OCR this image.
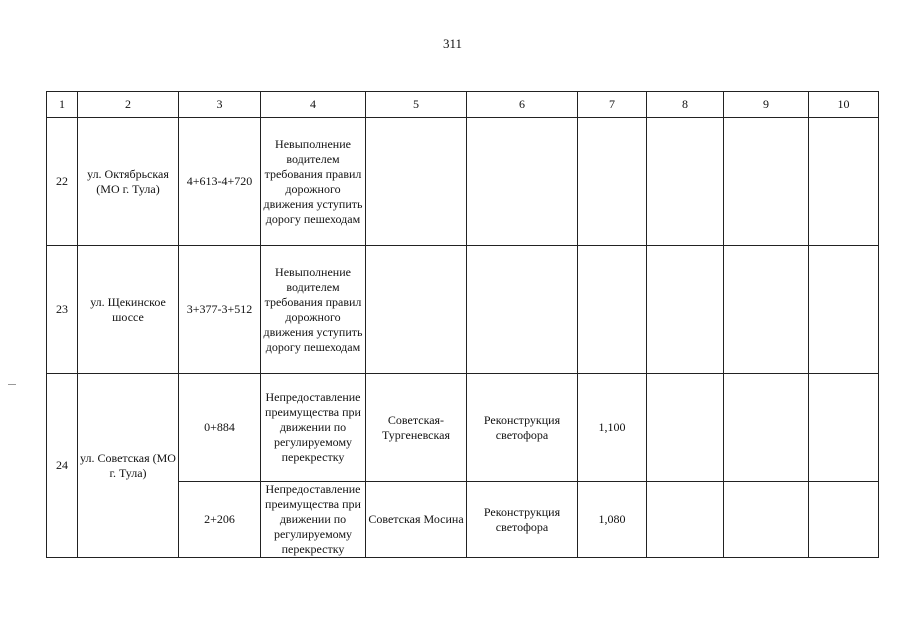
311
1	2	3	4	5	6	7	8	9	10
22	ул. Октябрьская (МО г. Тула)	4+613-4+720	Невыполнение водителем требования правил дорожного движения уступить дорогу пешеходам						
23	ул. Щекинское шоссе	3+377-3+512	Невыполнение водителем требования правил дорожного движения уступить дорогу пешеходам						
24	ул. Советская (МО г. Тула)	0+884	Непредоставление преимущества при движении по регулируемому перекрестку	Советская-Тургеневская	Реконструкция светофора	1,100			
		2+206	Непредоставление преимущества при движении по регулируемому перекрестку	Советская Мосина	Реконструкция светофора	1,080			
